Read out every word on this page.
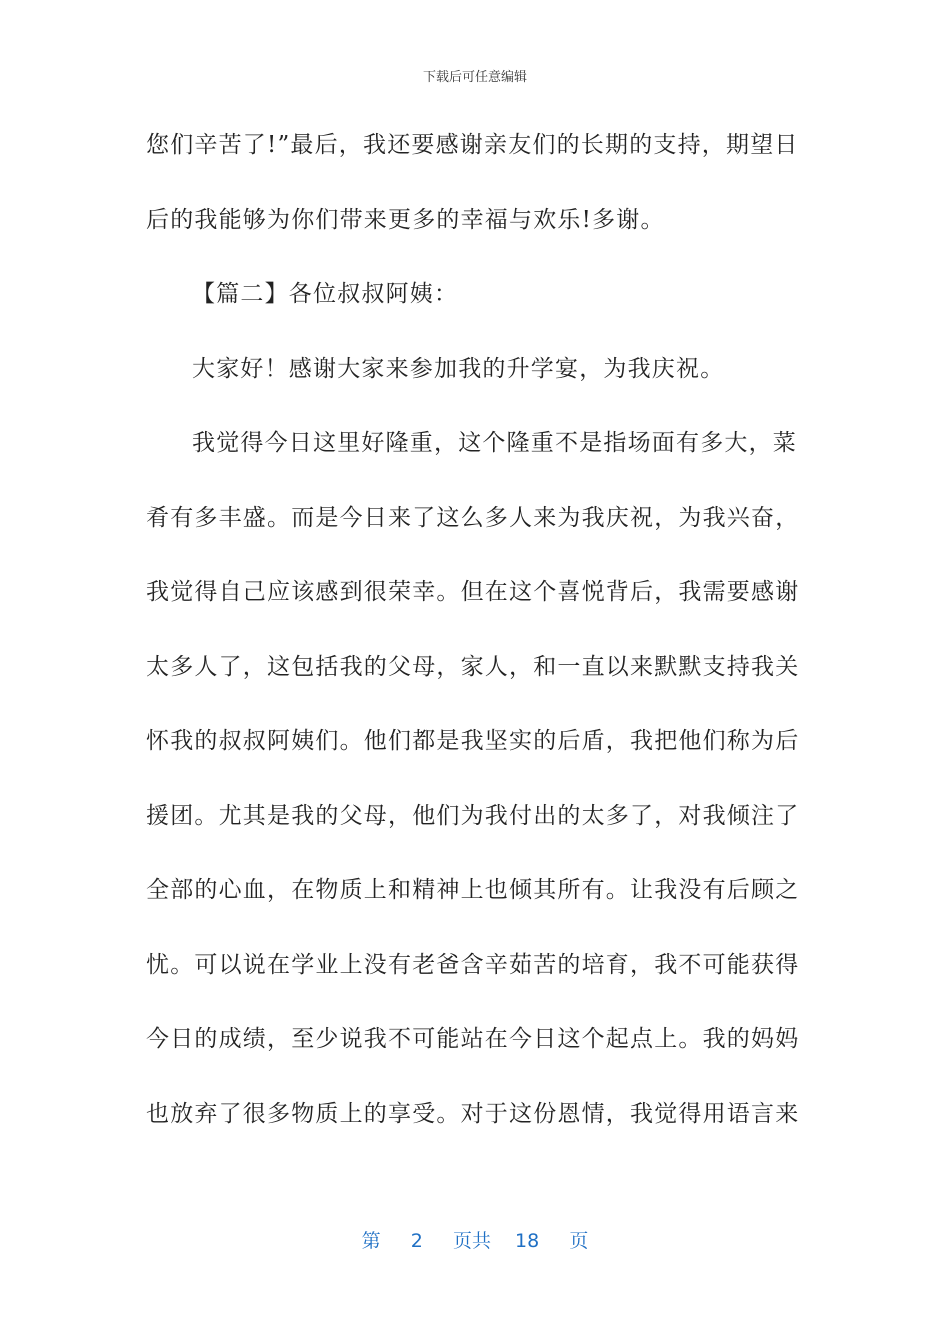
下载后可任意编辑
您们辛苦了!”最后，我还要感谢亲友们的长期的支持，期望日
后的我能够为你们带来更多的幸福与欢乐!多谢。
【篇二】各位叔叔阿姨：
大家好！感谢大家来参加我的升学宴，为我庆祝。
我觉得今日这里好隆重，这个隆重不是指场面有多大，菜
肴有多丰盛。而是今日来了这么多人来为我庆祝，为我兴奋，
我觉得自己应该感到很荣幸。但在这个喜悦背后，我需要感谢
太多人了，这包括我的父母，家人，和一直以来默默支持我关
怀我的叔叔阿姨们。他们都是我坚实的后盾，我把他们称为后
援团。尤其是我的父母，他们为我付出的太多了，对我倾注了
全部的心血，在物质上和精神上也倾其所有。让我没有后顾之
忧。可以说在学业上没有老爸含辛茹苦的培育，我不可能获得
今日的成绩，至少说我不可能站在今日这个起点上。我的妈妈
也放弃了很多物质上的享受。对于这份恩情，我觉得用语言来
第 2 页共 18 页
